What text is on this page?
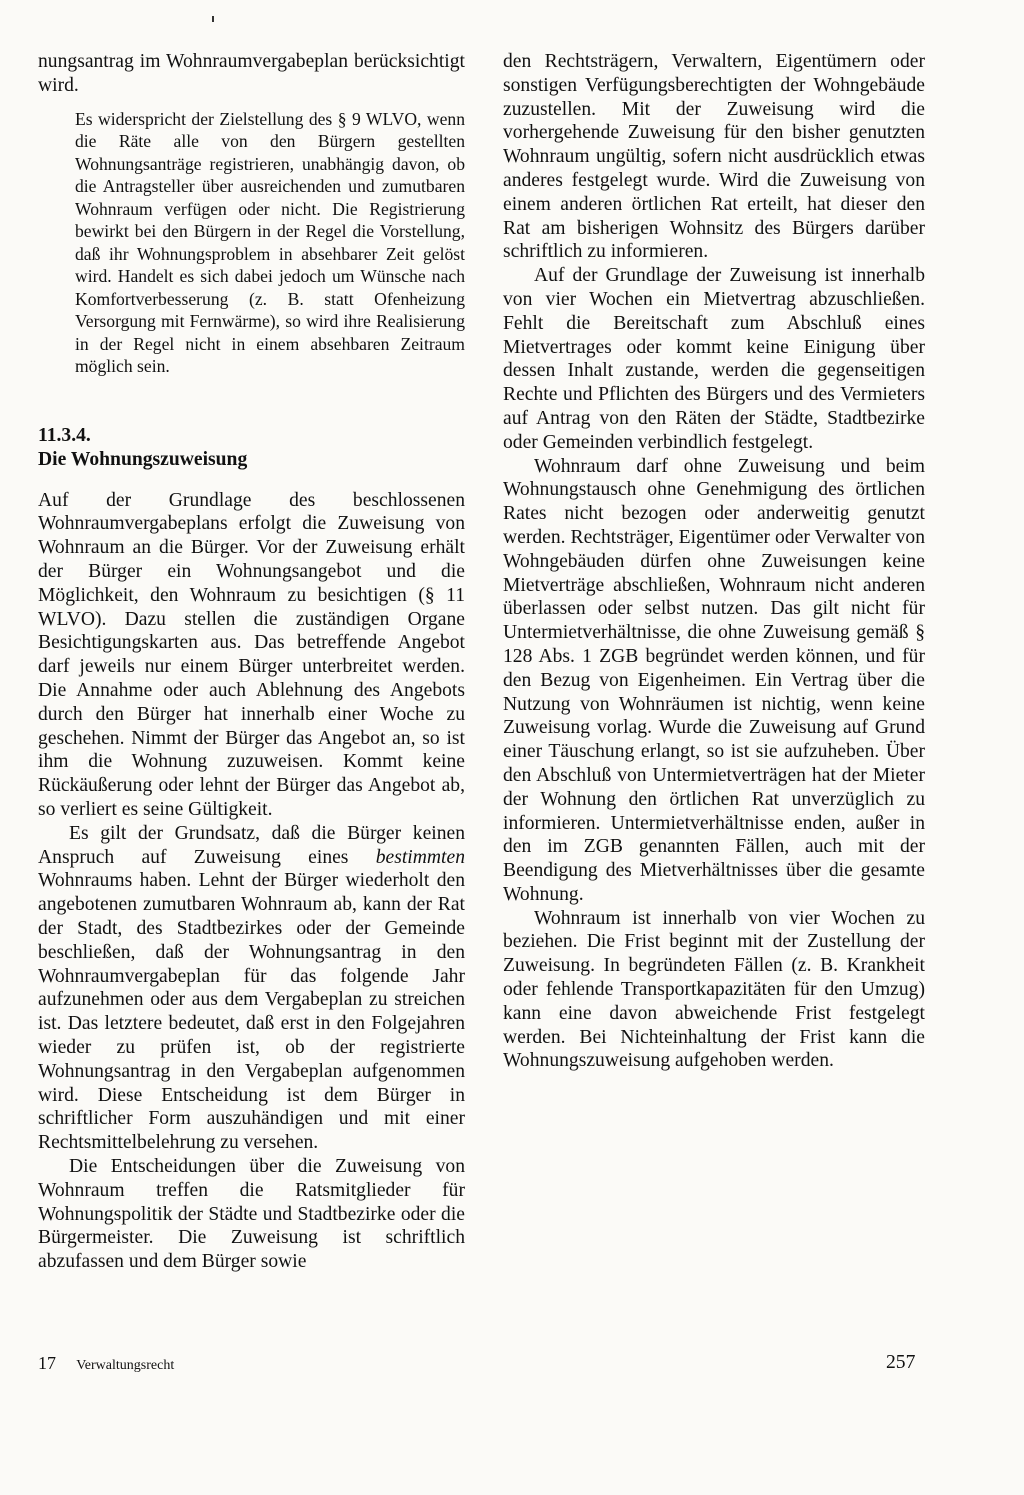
nungsantrag im Wohnraumvergabeplan berücksichtigt wird.

Es widerspricht der Zielstellung des § 9 WLVO, wenn die Räte alle von den Bürgern gestellten Wohnungsanträge registrieren, unabhängig davon, ob die Antragsteller über ausreichenden und zumutbaren Wohnraum verfügen oder nicht. Die Registrierung bewirkt bei den Bürgern in der Regel die Vorstellung, daß ihr Wohnungsproblem in absehbarer Zeit gelöst wird. Handelt es sich dabei jedoch um Wünsche nach Komfortverbesserung (z. B. statt Ofenheizung Versorgung mit Fernwärme), so wird ihre Realisierung in der Regel nicht in einem absehbaren Zeitraum möglich sein.

11.3.4.
Die Wohnungszuweisung

Auf der Grundlage des beschlossenen Wohnraumvergabeplans erfolgt die Zuweisung von Wohnraum an die Bürger. Vor der Zuweisung erhält der Bürger ein Wohnungsangebot und die Möglichkeit, den Wohnraum zu besichtigen (§ 11 WLVO). Dazu stellen die zuständigen Organe Besichtigungskarten aus. Das betreffende Angebot darf jeweils nur einem Bürger unterbreitet werden. Die Annahme oder auch Ablehnung des Angebots durch den Bürger hat innerhalb einer Woche zu geschehen. Nimmt der Bürger das Angebot an, so ist ihm die Wohnung zuzuweisen. Kommt keine Rückäußerung oder lehnt der Bürger das Angebot ab, so verliert es seine Gültigkeit.

Es gilt der Grundsatz, daß die Bürger keinen Anspruch auf Zuweisung eines bestimmten Wohnraums haben. Lehnt der Bürger wiederholt den angebotenen zumutbaren Wohnraum ab, kann der Rat der Stadt, des Stadtbezirkes oder der Gemeinde beschließen, daß der Wohnungsantrag in den Wohnraumvergabeplan für das folgende Jahr aufzunehmen oder aus dem Vergabeplan zu streichen ist. Das letztere bedeutet, daß erst in den Folgejahren wieder zu prüfen ist, ob der registrierte Wohnungsantrag in den Vergabeplan aufgenommen wird. Diese Entscheidung ist dem Bürger in schriftlicher Form auszuhändigen und mit einer Rechtsmittelbelehrung zu versehen.

Die Entscheidungen über die Zuweisung von Wohnraum treffen die Ratsmitglieder für Wohnungspolitik der Städte und Stadtbezirke oder die Bürgermeister. Die Zuweisung ist schriftlich abzufassen und dem Bürger sowie

den Rechtsträgern, Verwaltern, Eigentümern oder sonstigen Verfügungsberechtigten der Wohngebäude zuzustellen. Mit der Zuweisung wird die vorhergehende Zuweisung für den bisher genutzten Wohnraum ungültig, sofern nicht ausdrücklich etwas anderes festgelegt wurde. Wird die Zuweisung von einem anderen örtlichen Rat erteilt, hat dieser den Rat am bisherigen Wohnsitz des Bürgers darüber schriftlich zu informieren.

Auf der Grundlage der Zuweisung ist innerhalb von vier Wochen ein Mietvertrag abzuschließen. Fehlt die Bereitschaft zum Abschluß eines Mietvertrages oder kommt keine Einigung über dessen Inhalt zustande, werden die gegenseitigen Rechte und Pflichten des Bürgers und des Vermieters auf Antrag von den Räten der Städte, Stadtbezirke oder Gemeinden verbindlich festgelegt.

Wohnraum darf ohne Zuweisung und beim Wohnungstausch ohne Genehmigung des örtlichen Rates nicht bezogen oder anderweitig genutzt werden. Rechtsträger, Eigentümer oder Verwalter von Wohngebäuden dürfen ohne Zuweisungen keine Mietverträge abschließen, Wohnraum nicht anderen überlassen oder selbst nutzen. Das gilt nicht für Untermietverhältnisse, die ohne Zuweisung gemäß § 128 Abs. 1 ZGB begründet werden können, und für den Bezug von Eigenheimen. Ein Vertrag über die Nutzung von Wohnräumen ist nichtig, wenn keine Zuweisung vorlag. Wurde die Zuweisung auf Grund einer Täuschung erlangt, so ist sie aufzuheben. Über den Abschluß von Untermietverträgen hat der Mieter der Wohnung den örtlichen Rat unverzüglich zu informieren. Untermietverhältnisse enden, außer in den im ZGB genannten Fällen, auch mit der Beendigung des Mietverhältnisses über die gesamte Wohnung.

Wohnraum ist innerhalb von vier Wochen zu beziehen. Die Frist beginnt mit der Zustellung der Zuweisung. In begründeten Fällen (z. B. Krankheit oder fehlende Transportkapazitäten für den Umzug) kann eine davon abweichende Frist festgelegt werden. Bei Nichteinhaltung der Frist kann die Wohnungszuweisung aufgehoben werden.

17 Verwaltungsrecht	257
